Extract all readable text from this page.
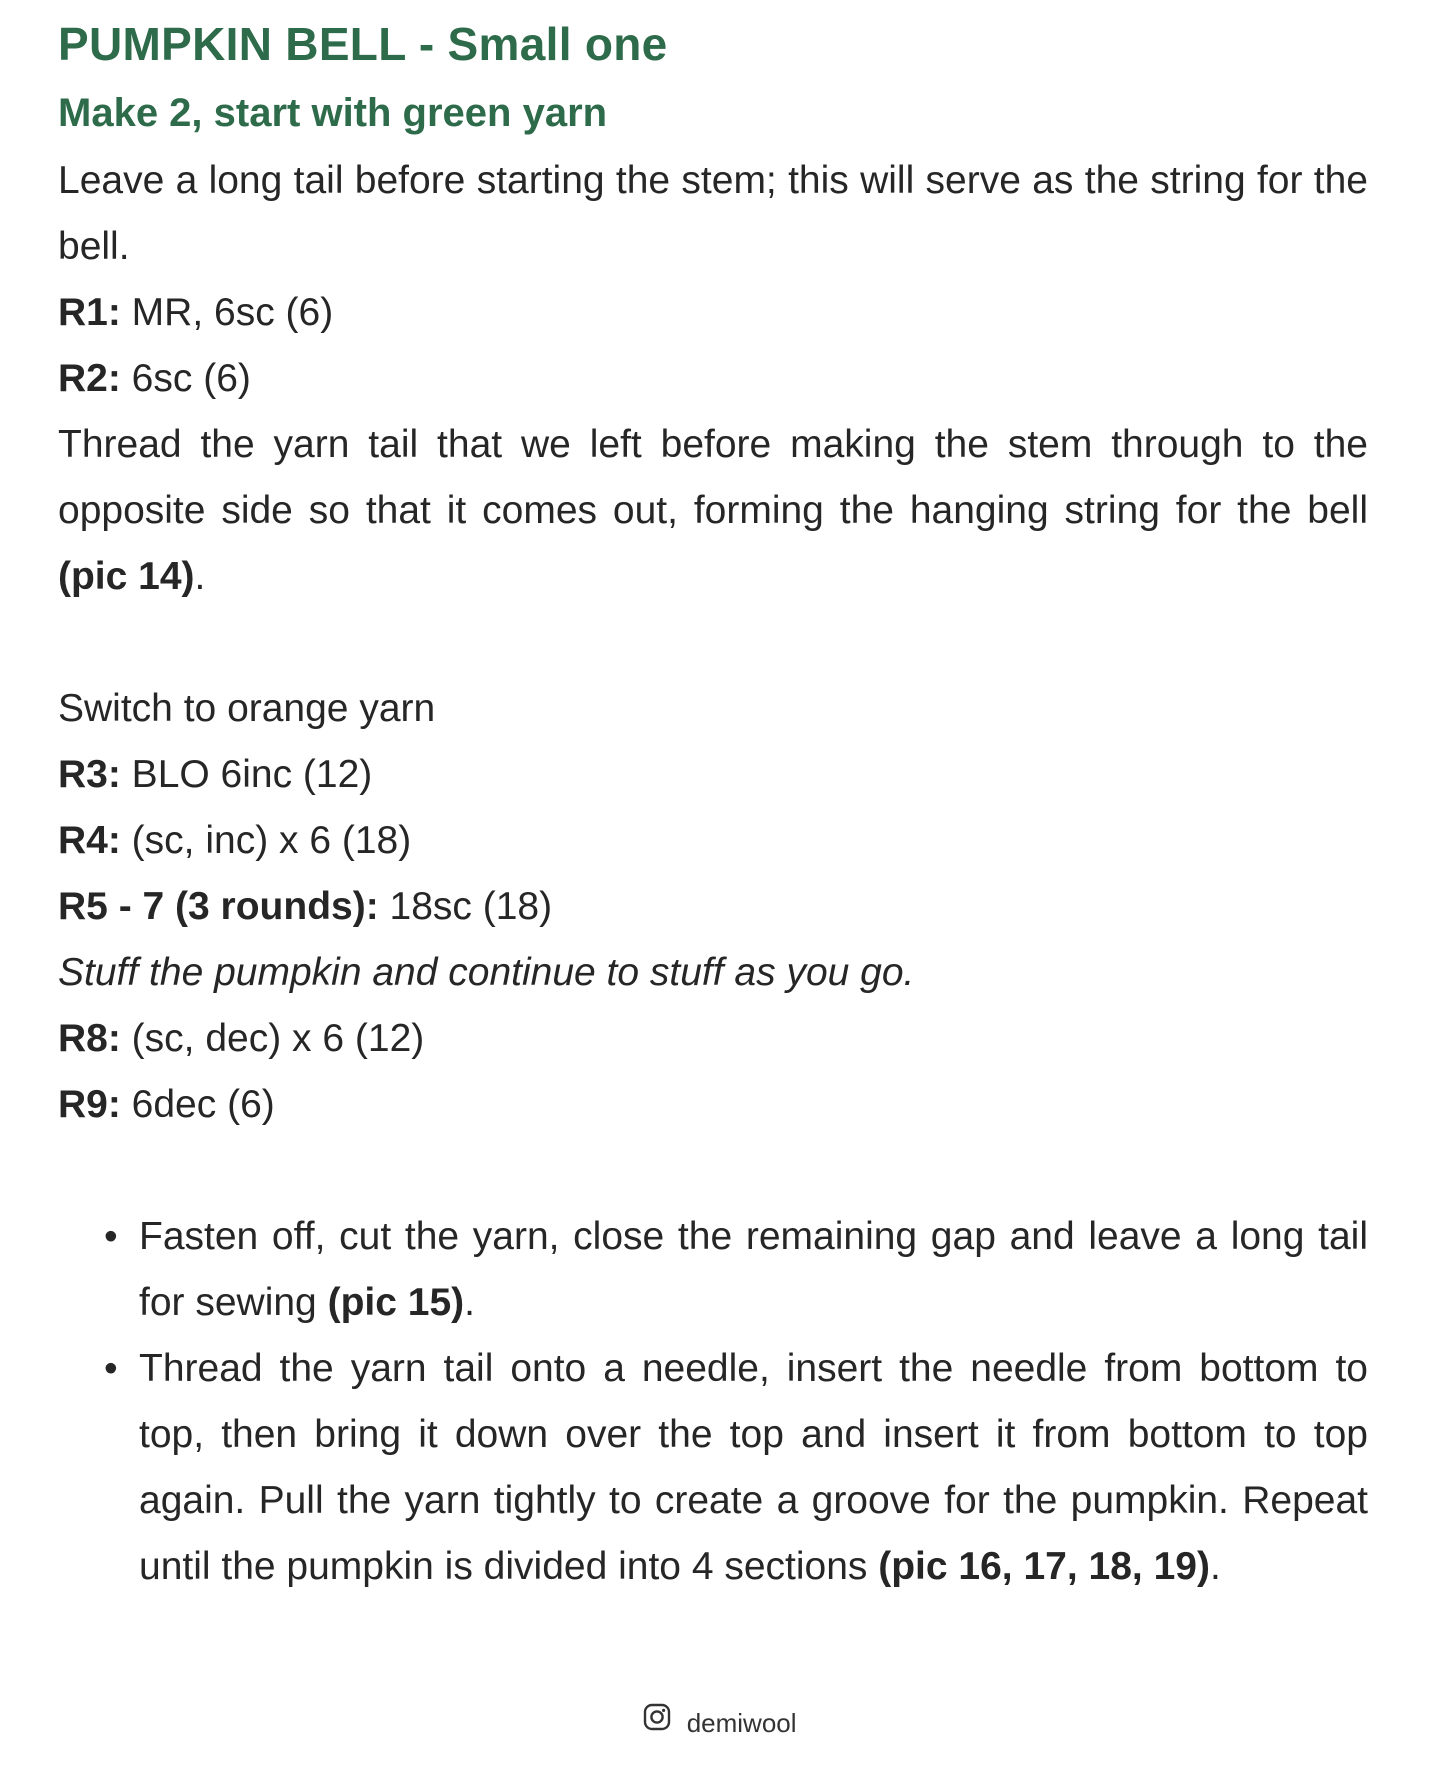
PUMPKIN BELL - Small one
Make 2, start with green yarn

Leave a long tail before starting the stem; this will serve as the string for the bell.

R1: MR, 6sc (6)

R2: 6sc (6)

Thread the yarn tail that we left before making the stem through to the opposite side so that it comes out, forming the hanging string for the bell (pic 14).

Switch to orange yarn

R3: BLO 6inc (12)

R4: (sc, inc) x 6 (18)

R5 - 7 (3 rounds): 18sc (18)

Stuff the pumpkin and continue to stuff as you go.

R8: (sc, dec) x 6 (12)

R9: 6dec (6)

• Fasten off, cut the yarn, close the remaining gap and leave a long tail for sewing (pic 15).
• Thread the yarn tail onto a needle, insert the needle from bottom to top, then bring it down over the top and insert it from bottom to top again. Pull the yarn tightly to create a groove for the pumpkin. Repeat until the pumpkin is divided into 4 sections (pic 16, 17, 18, 19).
demiwool
